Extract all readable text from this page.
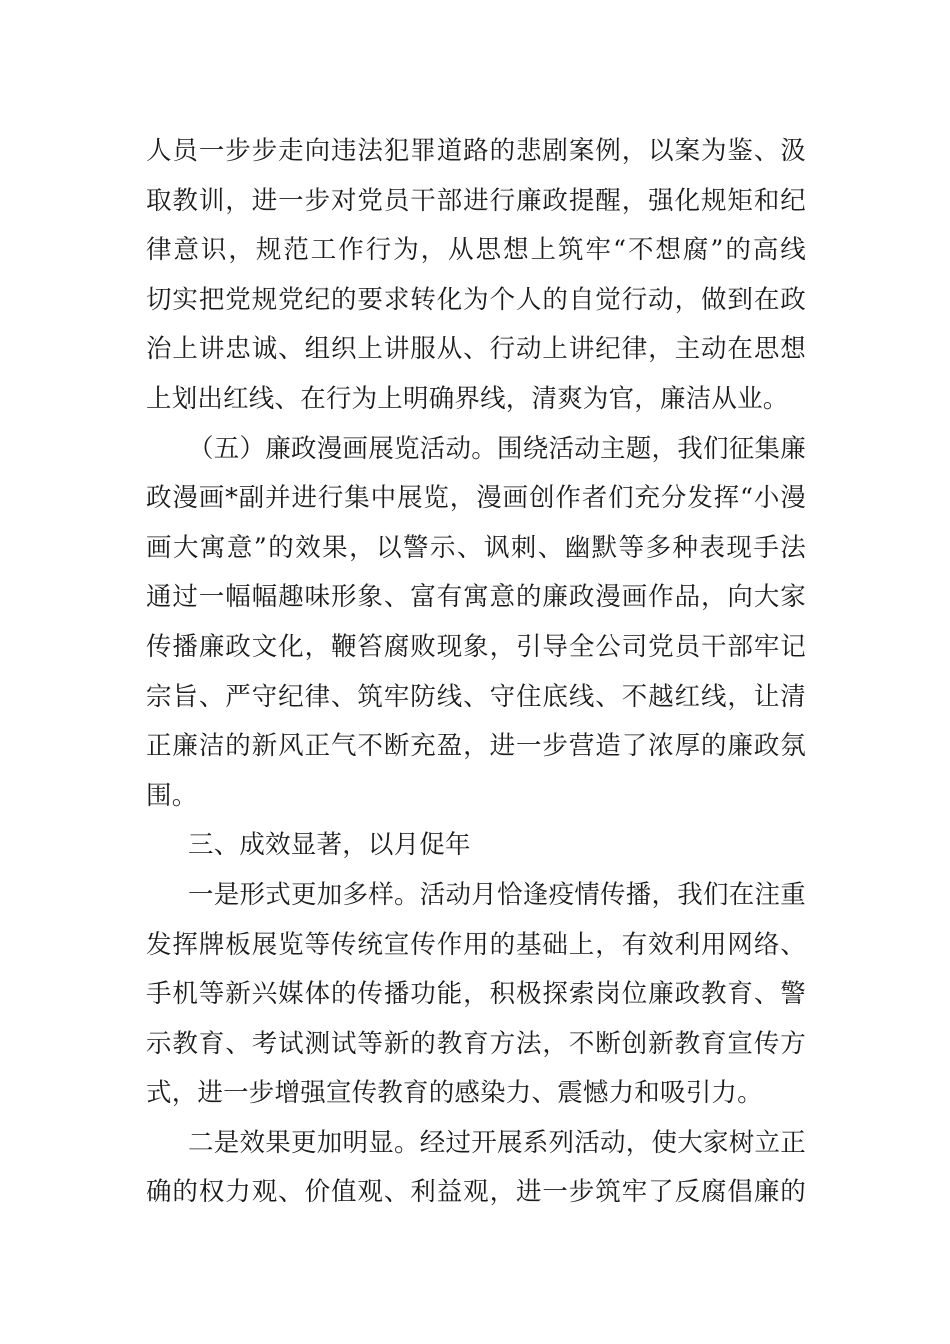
人员一步步走向违法犯罪道路的悲剧案例，以案为鉴、汲
取教训，进一步对党员干部进行廉政提醒，强化规矩和纪
律意识，规范工作行为，从思想上筑牢“不想腐”的高线
切实把党规党纪的要求转化为个人的自觉行动，做到在政
治上讲忠诚、组织上讲服从、行动上讲纪律，主动在思想
上划出红线、在行为上明确界线，清爽为官，廉洁从业。
（五）廉政漫画展览活动。围绕活动主题，我们征集廉
政漫画*副并进行集中展览，漫画创作者们充分发挥“小漫
画大寓意”的效果，以警示、讽刺、幽默等多种表现手法
通过一幅幅趣味形象、富有寓意的廉政漫画作品，向大家
传播廉政文化，鞭笞腐败现象，引导全公司党员干部牢记
宗旨、严守纪律、筑牢防线、守住底线、不越红线，让清
正廉洁的新风正气不断充盈，进一步营造了浓厚的廉政氛
围。
三、成效显著，以月促年
一是形式更加多样。活动月恰逢疫情传播，我们在注重
发挥牌板展览等传统宣传作用的基础上，有效利用网络、
手机等新兴媒体的传播功能，积极探索岗位廉政教育、警
示教育、考试测试等新的教育方法，不断创新教育宣传方
式，进一步增强宣传教育的感染力、震憾力和吸引力。
二是效果更加明显。经过开展系列活动，使大家树立正
确的权力观、价值观、利益观，进一步筑牢了反腐倡廉的
